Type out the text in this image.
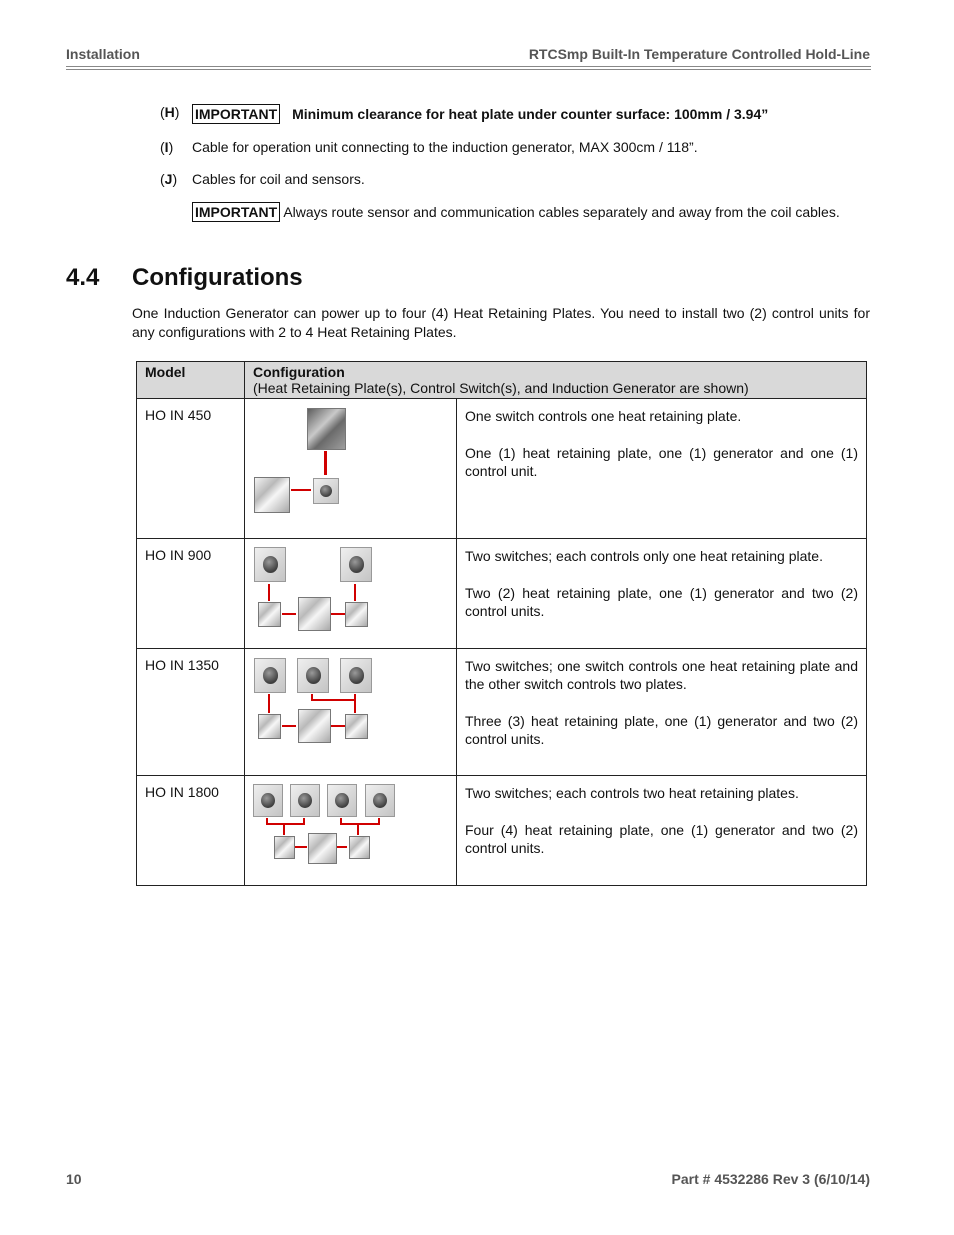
Installation	RTCSmp Built-In Temperature Controlled Hold-Line
(H)	IMPORTANT Minimum clearance for heat plate under counter surface: 100mm / 3.94”
(I)	Cable for operation unit connecting to the induction generator, MAX 300cm / 118”.
(J)	Cables for coil and sensors.
IMPORTANT Always route sensor and communication cables separately and away from the coil cables.
4.4 Configurations
One Induction Generator can power up to four (4) Heat Retaining Plates. You need to install two (2) control units for any configurations with 2 to 4 Heat Retaining Plates.
Model	Configuration
(Heat Retaining Plate(s), Control Switch(s), and Induction Generator are shown)	

HO IN 450		One switch controls one heat retaining plate.

One (1) heat retaining plate, one (1) generator and one (1) control unit.

HO IN 900		Two switches; each controls only one heat retaining plate.

Two (2) heat retaining plate, one (1) generator and two (2) control units.

HO IN 1350		Two switches; one switch controls one heat retaining plate and the other switch controls two plates.

Three (3) heat retaining plate, one (1) generator and two (2) control units.

HO IN 1800		Two switches; each controls two heat retaining plates.

Four (4) heat retaining plate, one (1) generator and two (2) control units.

10	Part # 4532286 Rev 3 (6/10/14)
